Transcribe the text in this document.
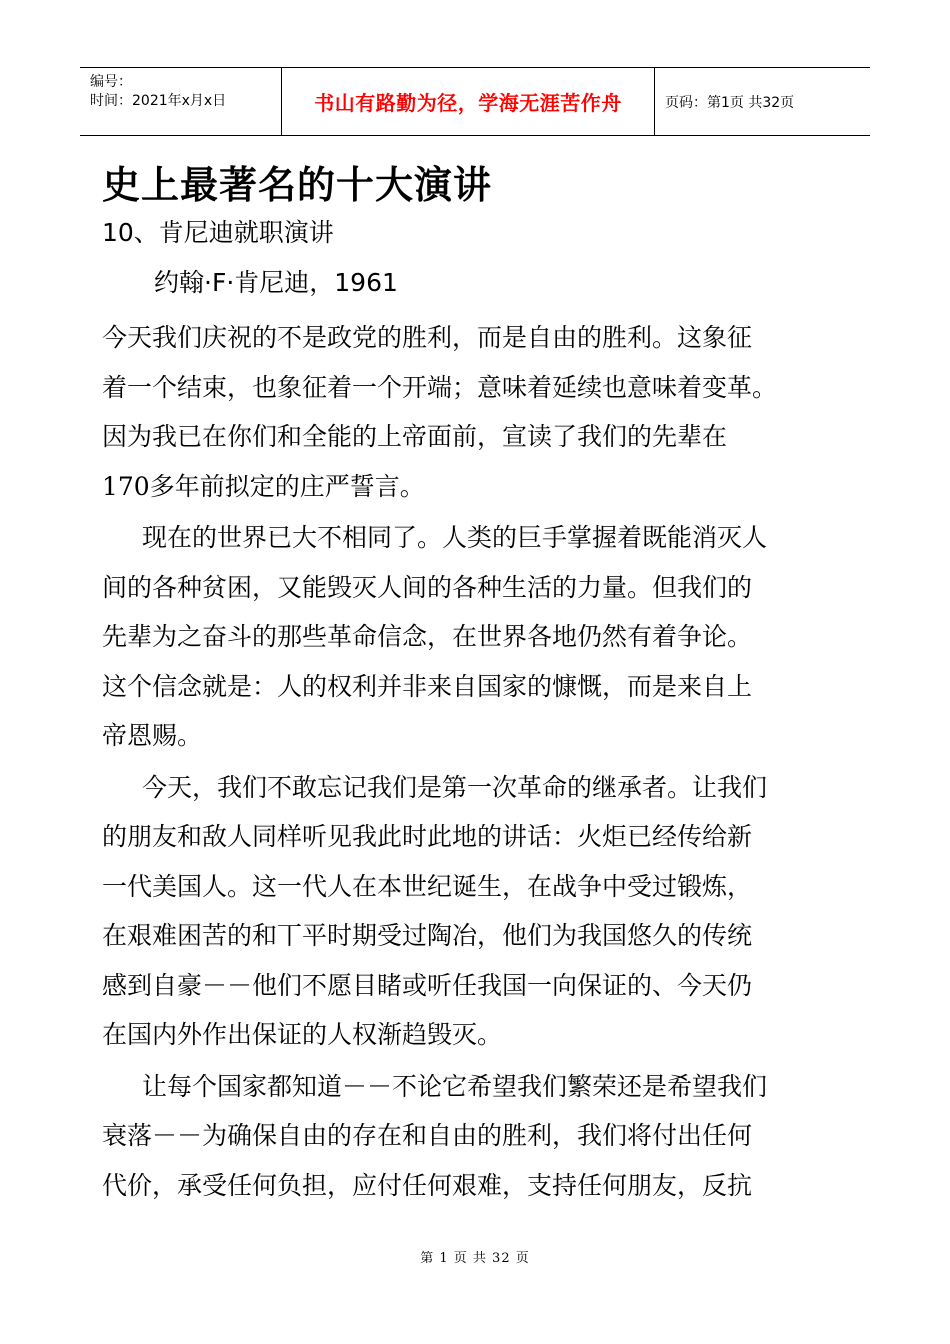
编号：
时间：2021年x月x日	书山有路勤为径，学海无涯苦作舟	页码：第1页 共32页
史上最著名的十大演讲

10、肯尼迪就职演讲

约翰·F·肯尼迪，1961

今天我们庆祝的不是政党的胜利，而是自由的胜利。这象征
着一个结束，也象征着一个开端；意味着延续也意味着变革。
因为我已在你们和全能的上帝面前，宣读了我们的先辈在
170多年前拟定的庄严誓言。
现在的世界已大不相同了。人类的巨手掌握着既能消灭人
间的各种贫困，又能毁灭人间的各种生活的力量。但我们的
先辈为之奋斗的那些革命信念，在世界各地仍然有着争论。
这个信念就是：人的权利并非来自国家的慷慨，而是来自上
帝恩赐。
今天，我们不敢忘记我们是第一次革命的继承者。让我们
的朋友和敌人同样听见我此时此地的讲话：火炬已经传给新
一代美国人。这一代人在本世纪诞生，在战争中受过锻炼，
在艰难困苦的和丅平时期受过陶冶，他们为我国悠久的传统
感到自豪－－他们不愿目睹或听任我国一向保证的、今天仍
在国内外作出保证的人权渐趋毁灭。
让每个国家都知道－－不论它希望我们繁荣还是希望我们
衰落－－为确保自由的存在和自由的胜利，我们将付出任何
代价，承受任何负担，应付任何艰难，支持任何朋友，反抗
第 1 页 共 32 页
